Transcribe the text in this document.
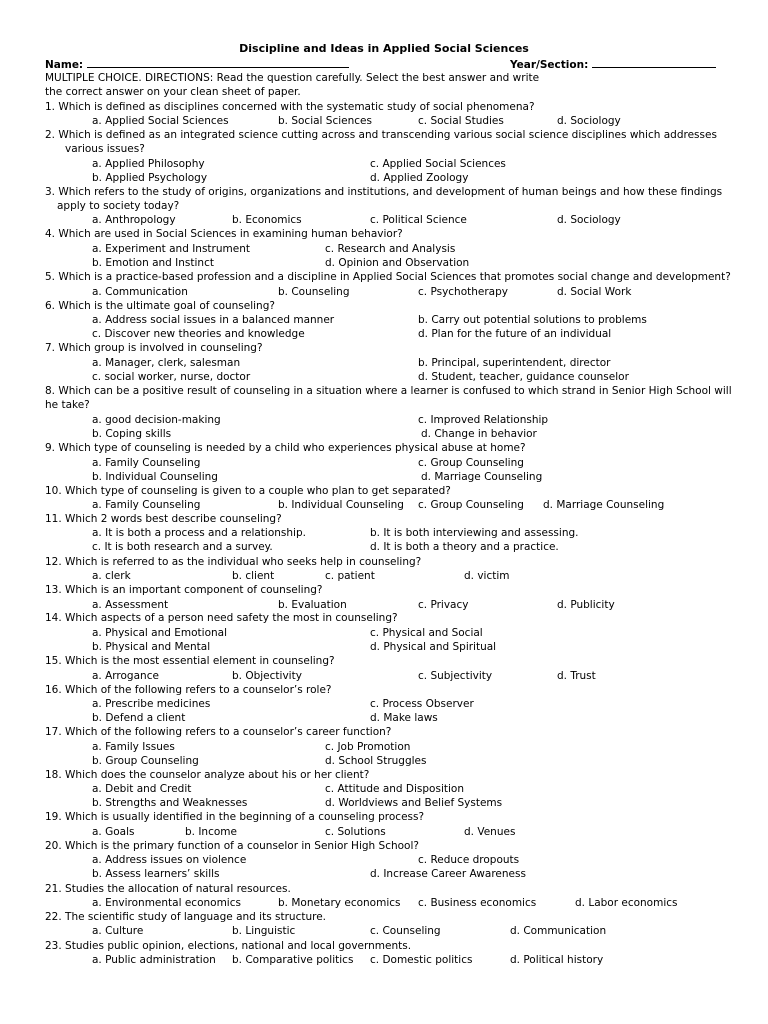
Discipline and Ideas in Applied Social Sciences
Name:	Year/Section:
MULTIPLE CHOICE. DIRECTIONS: Read the question carefully. Select the best answer and write
the correct answer on your clean sheet of paper.
1. Which is defined as disciplines concerned with the systematic study of social phenomena?
a. Applied Social Sciences	b. Social Sciences	c. Social Studies	d. Sociology
2. Which is defined as an integrated science cutting across and transcending various social science disciplines which addresses
various issues?
a. Applied Philosophy	c. Applied Social Sciences
b. Applied Psychology	d. Applied Zoology
3. Which refers to the study of origins, organizations and institutions, and development of human beings and how these findings
apply to society today?
a. Anthropology	b. Economics	c. Political Science	d. Sociology
4. Which are used in Social Sciences in examining human behavior?
a. Experiment and Instrument	c. Research and Analysis
b. Emotion and Instinct	d. Opinion and Observation
5. Which is a practice-based profession and a discipline in Applied Social Sciences that promotes social change and development?
a. Communication	b. Counseling	c. Psychotherapy	d. Social Work
6. Which is the ultimate goal of counseling?
a. Address social issues in a balanced manner	b. Carry out potential solutions to problems
c. Discover new theories and knowledge	d. Plan for the future of an individual
7. Which group is involved in counseling?
a. Manager, clerk, salesman	b. Principal, superintendent, director
c. social worker, nurse, doctor	d. Student, teacher, guidance counselor
8. Which can be a positive result of counseling in a situation where a learner is confused to which strand in Senior High School will
he take?
a. good decision-making	c. Improved Relationship
b. Coping skills	d. Change in behavior
9. Which type of counseling is needed by a child who experiences physical abuse at home?
a. Family Counseling	c. Group Counseling
b. Individual Counseling	d. Marriage Counseling
10. Which type of counseling is given to a couple who plan to get separated?
a. Family Counseling	b. Individual Counseling c. Group Counseling d. Marriage Counseling
11. Which 2 words best describe counseling?
a. It is both a process and a relationship.	b. It is both interviewing and assessing.
c. It is both research and a survey.	d. It is both a theory and a practice.
12. Which is referred to as the individual who seeks help in counseling?
a. clerk	b. client	c. patient	d. victim
13. Which is an important component of counseling?
a. Assessment	b. Evaluation	c. Privacy	d. Publicity
14. Which aspects of a person need safety the most in counseling?
a. Physical and Emotional	c. Physical and Social
b. Physical and Mental	d. Physical and Spiritual
15. Which is the most essential element in counseling?
a. Arrogance	b. Objectivity	c. Subjectivity	d. Trust
16. Which of the following refers to a counselor’s role?
a. Prescribe medicines	c. Process Observer
b. Defend a client	d. Make laws
17. Which of the following refers to a counselor’s career function?
a. Family Issues	c. Job Promotion
b. Group Counseling	d. School Struggles
18. Which does the counselor analyze about his or her client?
a. Debit and Credit	c. Attitude and Disposition
b. Strengths and Weaknesses	d. Worldviews and Belief Systems
19. Which is usually identified in the beginning of a counseling process?
a. Goals	b. Income	c. Solutions	d. Venues
20. Which is the primary function of a counselor in Senior High School?
a. Address issues on violence	c. Reduce dropouts
b. Assess learners’ skills	d. Increase Career Awareness
21. Studies the allocation of natural resources.
a. Environmental economics	b. Monetary economics c. Business economics	d. Labor economics
22. The scientific study of language and its structure.
a. Culture	b. Linguistic	c. Counseling	d. Communication
23. Studies public opinion, elections, national and local governments.
a. Public administration b. Comparative politics c. Domestic politics	d. Political history
